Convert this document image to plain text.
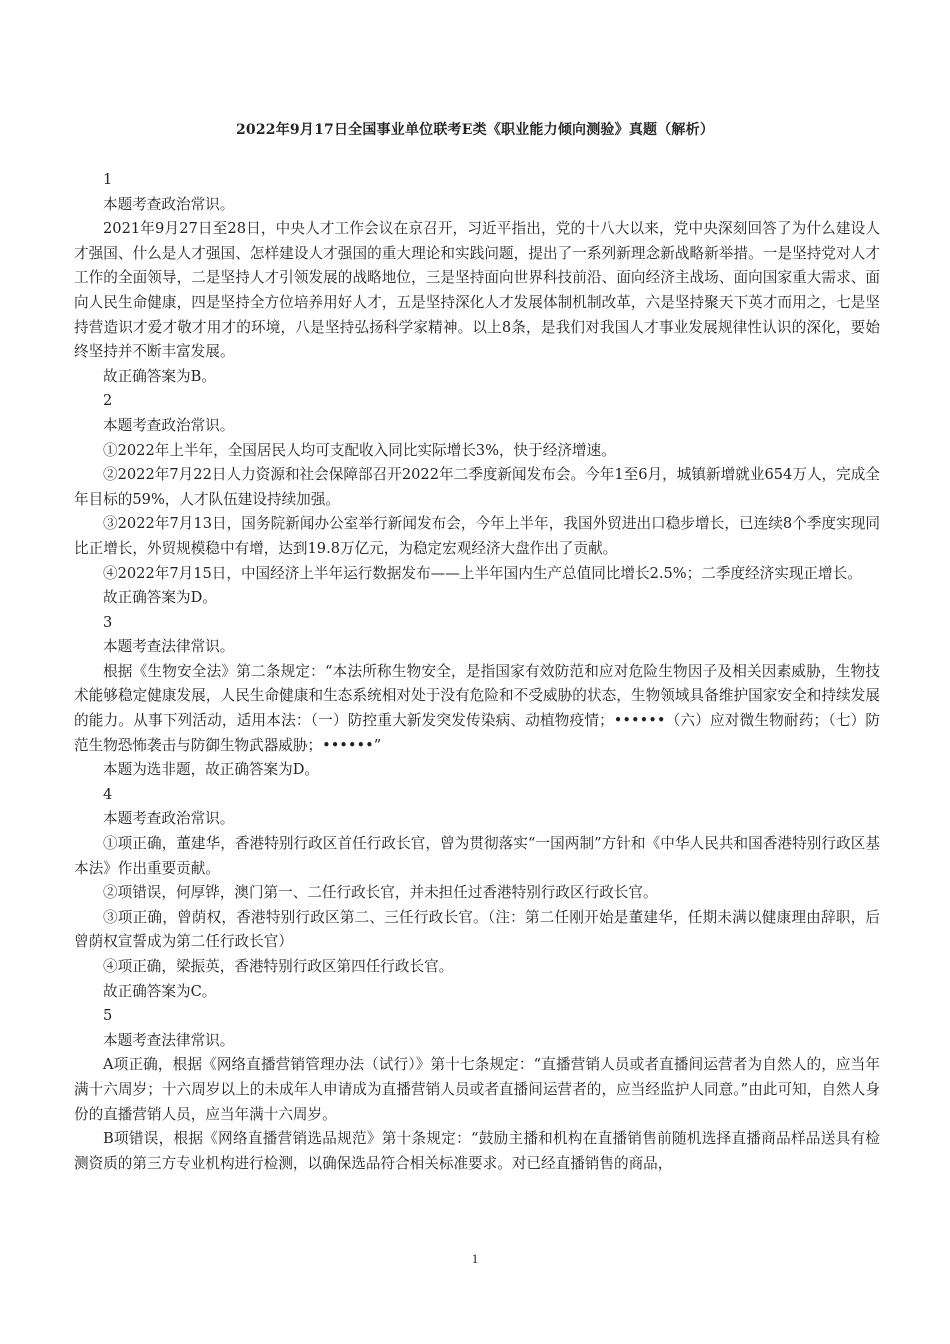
2022年9月17日全国事业单位联考E类《职业能力倾向测验》真题（解析）

1

本题考查政治常识。

2021年9月27日至28日，中央人才工作会议在京召开，习近平指出，党的十八大以来，党中央深刻回答了为什么建设人才强国、什么是人才强国、怎样建设人才强国的重大理论和实践问题，提出了一系列新理念新战略新举措。一是坚持党对人才工作的全面领导，二是坚持人才引领发展的战略地位，三是坚持面向世界科技前沿、面向经济主战场、面向国家重大需求、面向人民生命健康，四是坚持全方位培养用好人才，五是坚持深化人才发展体制机制改革，六是坚持聚天下英才而用之，七是坚持营造识才爱才敬才用才的环境，八是坚持弘扬科学家精神。以上8条，是我们对我国人才事业发展规律性认识的深化，要始终坚持并不断丰富发展。

故正确答案为B。

2

本题考查政治常识。

①2022年上半年，全国居民人均可支配收入同比实际增长3%，快于经济增速。

②2022年7月22日人力资源和社会保障部召开2022年二季度新闻发布会。今年1至6月，城镇新增就业654万人，完成全年目标的59%，人才队伍建设持续加强。

③2022年7月13日，国务院新闻办公室举行新闻发布会，今年上半年，我国外贸进出口稳步增长，已连续8个季度实现同比正增长，外贸规模稳中有增，达到19.8万亿元，为稳定宏观经济大盘作出了贡献。

④2022年7月15日，中国经济上半年运行数据发布——上半年国内生产总值同比增长2.5%；二季度经济实现正增长。

故正确答案为D。

3

本题考查法律常识。

根据《生物安全法》第二条规定：“本法所称生物安全，是指国家有效防范和应对危险生物因子及相关因素威胁，生物技术能够稳定健康发展，人民生命健康和生态系统相对处于没有危险和不受威胁的状态，生物领域具备维护国家安全和持续发展的能力。从事下列活动，适用本法：（一）防控重大新发突发传染病、动植物疫情；••••••（六）应对微生物耐药；（七）防范生物恐怖袭击与防御生物武器威胁；••••••”

本题为选非题，故正确答案为D。

4

本题考查政治常识。

①项正确，董建华，香港特别行政区首任行政长官，曾为贯彻落实“一国两制”方针和《中华人民共和国香港特别行政区基本法》作出重要贡献。

②项错误，何厚铧，澳门第一、二任行政长官，并未担任过香港特别行政区行政长官。

③项正确，曾荫权，香港特别行政区第二、三任行政长官。（注：第二任刚开始是董建华，任期未满以健康理由辞职，后曾荫权宣誓成为第二任行政长官）

④项正确，梁振英，香港特别行政区第四任行政长官。

故正确答案为C。

5

本题考查法律常识。

A项正确，根据《网络直播营销管理办法（试行）》第十七条规定：“直播营销人员或者直播间运营者为自然人的，应当年满十六周岁；十六周岁以上的未成年人申请成为直播营销人员或者直播间运营者的，应当经监护人同意。”由此可知，自然人身份的直播营销人员，应当年满十六周岁。

B项错误，根据《网络直播营销选品规范》第十条规定：“鼓励主播和机构在直播销售前随机选择直播商品样品送具有检测资质的第三方专业机构进行检测，以确保选品符合相关标准要求。对已经直播销售的商品，

1
